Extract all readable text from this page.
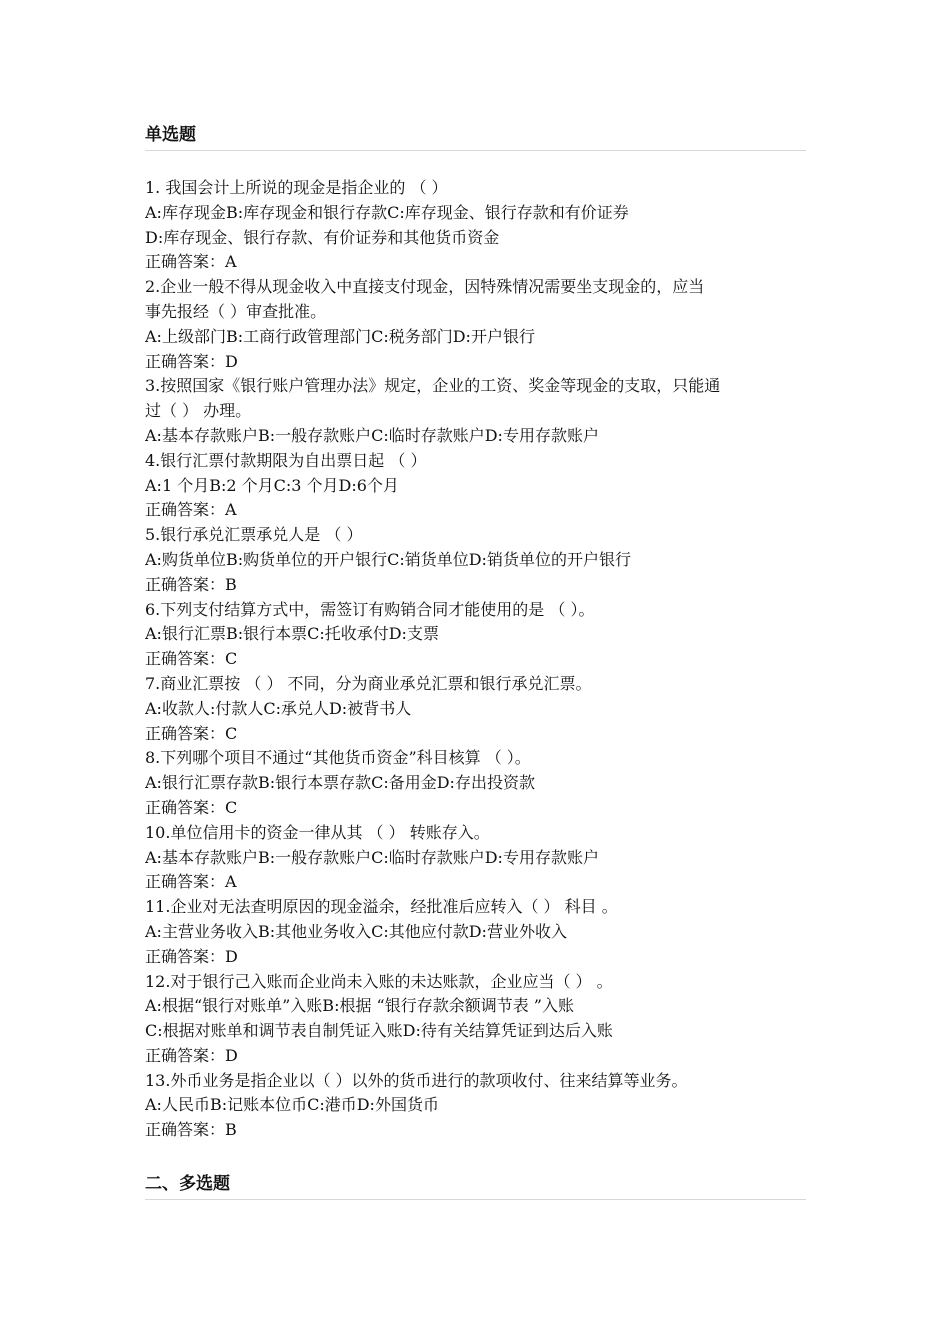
单选题
1. 我国会计上所说的现金是指企业的 （ ）
A:库存现金B:库存现金和银行存款C:库存现金、银行存款和有价证券
D:库存现金、银行存款、有价证券和其他货币资金
正确答案：A
2.企业一般不得从现金收入中直接支付现金，因特殊情况需要坐支现金的，应当
事先报经（ ）审查批准。
A:上级部门B:工商行政管理部门C:税务部门D:开户银行
正确答案：D
3.按照国家《银行账户管理办法》规定，企业的工资、奖金等现金的支取，只能通
过（ ） 办理。
A:基本存款账户B:一般存款账户C:临时存款账户D:专用存款账户
4.银行汇票付款期限为自出票日起 （ ）
A:1 个月B:2 个月C:3 个月D:6个月
正确答案：A
5.银行承兑汇票承兑人是 （ ）
A:购货单位B:购货单位的开户银行C:销货单位D:销货单位的开户银行
正确答案：B
6.下列支付结算方式中，需签订有购销合同才能使用的是 （ ）。
A:银行汇票B:银行本票C:托收承付D:支票
正确答案：C
7.商业汇票按 （ ） 不同，分为商业承兑汇票和银行承兑汇票。
A:收款人:付款人C:承兑人D:被背书人
正确答案：C
8.下列哪个项目不通过“其他货币资金”科目核算 （ ）。
A:银行汇票存款B:银行本票存款C:备用金D:存出投资款
正确答案：C
10.单位信用卡的资金一律从其 （ ） 转账存入。
A:基本存款账户B:一般存款账户C:临时存款账户D:专用存款账户
正确答案：A
11.企业对无法查明原因的现金溢余，经批准后应转入（ ） 科目 。
A:主营业务收入B:其他业务收入C:其他应付款D:营业外收入
正确答案：D
12.对于银行己入账而企业尚未入账的未达账款，企业应当（ ） 。
A:根据“银行对账单”入账B:根据 “银行存款余额调节表 ”入账
C:根据对账单和调节表自制凭证入账D:待有关结算凭证到达后入账
正确答案：D
13.外币业务是指企业以（ ）以外的货币进行的款项收付、往来结算等业务。
A:人民币B:记账本位币C:港币D:外国货币
正确答案：B
二、多选题
